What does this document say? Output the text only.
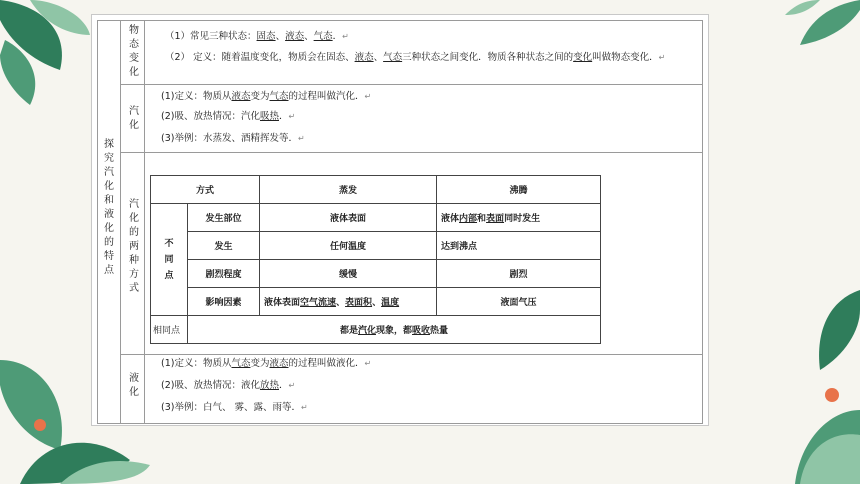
探究汽化和液化的特点
物态变化
（1）常见三种状态：固态、液态、气态．↵
（2） 定义：随着温度变化，物质会在固态、液态、气态三种状态之间变化．物质各种状态之间的变化叫做物态变化．↵
汽化
(1)定义：物质从液态变为气态的过程叫做汽化．↵
(2)吸、放热情况：汽化吸热．↵
(3)举例：水蒸发、酒精挥发等．↵
汽化的两种方式
方式		蒸发	沸腾
不同点	发生部位	液体表面	液体内部和表面同时发生
	发生	任何温度	达到沸点
	剧烈程度	缓慢	剧烈
	影响因素	液体表面空气流速、表面积、温度	液面气压
相同点	都是汽化现象，都吸收热量		
液化
(1)定义：物质从气态变为液态的过程叫做液化．↵
(2)吸、放热情况：液化放热．↵
(3)举例：白气、 雾、露、雨等．↵
